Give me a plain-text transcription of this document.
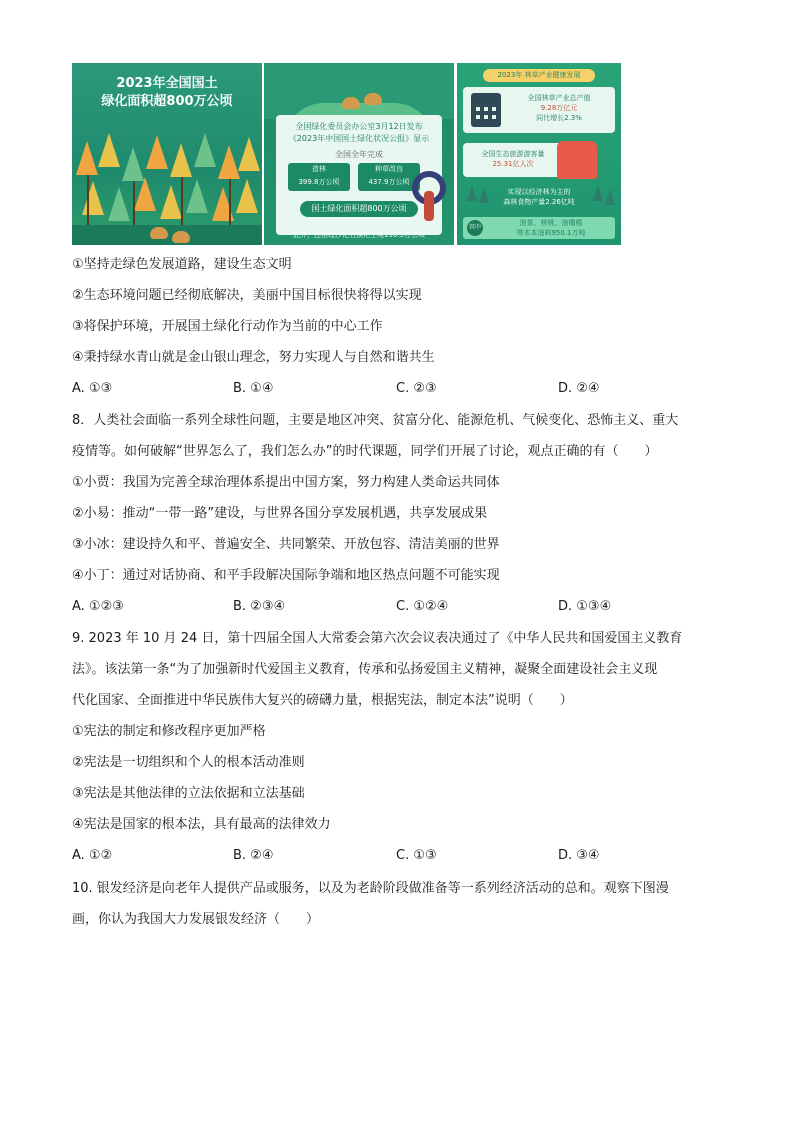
2023年全国国土
绿化面积超800万公顷
全国绿化委员会办公室3月12日发布
《2023年中国国土绿化状况公报》显示
全国全年完成
造林
399.8万公顷
种草改良
437.9万公顷
国土绿化面积超800万公顷
此外，还治理沙化石漠化土地190.5万公顷
2023年 林草产业健康发展
全国林草产业总产值
9.28万亿元
同比增长2.3%
全国生态旅游游客量
25.31亿人次
实现以经济林为主的
森林食物产量2.26亿吨
其中
油茶、核桃、油橄榄
等木本油料950.1万吨
①坚持走绿色发展道路，建设生态文明
②生态环境问题已经彻底解决，美丽中国目标很快将得以实现
③将保护环境，开展国土绿化行动作为当前的中心工作
④秉持绿水青山就是金山银山理念，努力实现人与自然和谐共生
A. ①③	B. ①④	C. ②③	D. ②④
8．人类社会面临一系列全球性问题，主要是地区冲突、贫富分化、能源危机、气候变化、恐怖主义、重大
疫情等。如何破解“世界怎么了，我们怎么办”的时代课题，同学们开展了讨论，观点正确的有（　　）
①小贾：我国为完善全球治理体系提出中国方案，努力构建人类命运共同体
②小易：推动“一带一路”建设，与世界各国分享发展机遇，共享发展成果
③小冰：建设持久和平、普遍安全、共同繁荣、开放包容、清洁美丽的世界
④小丁：通过对话协商、和平手段解决国际争端和地区热点问题不可能实现
A. ①②③	B. ②③④	C. ①②④	D. ①③④
9. 2023 年 10 月 24 日，第十四届全国人大常委会第六次会议表决通过了《中华人民共和国爱国主义教育
法》。该法第一条“为了加强新时代爱国主义教育，传承和弘扬爱国主义精神，凝聚全面建设社会主义现
代化国家、全面推进中华民族伟大复兴的磅礴力量，根据宪法，制定本法”说明（　　）
①宪法的制定和修改程序更加严格
②宪法是一切组织和个人的根本活动准则
③宪法是其他法律的立法依据和立法基础
④宪法是国家的根本法，具有最高的法律效力
A. ①②	B. ②④	C. ①③	D. ③④
10. 银发经济是向老年人提供产品或服务，以及为老龄阶段做准备等一系列经济活动的总和。观察下图漫
画，你认为我国大力发展银发经济（　　）
